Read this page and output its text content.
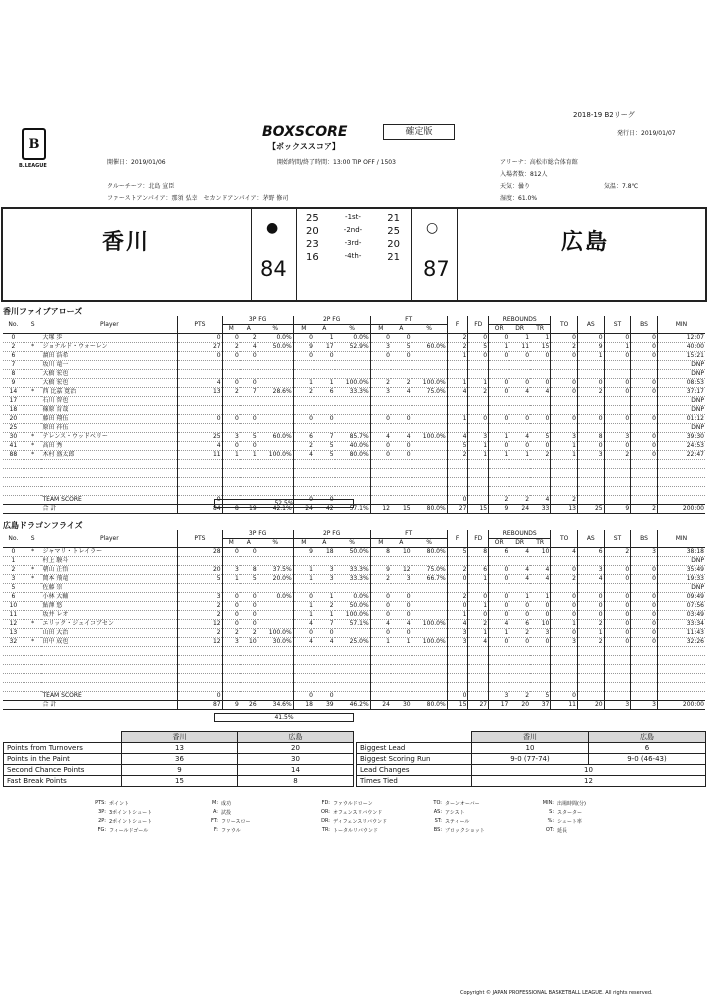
2018-19 B2リーグ
B
B.LEAGUE
BOXSCORE
【ボックススコア】
確定版	発行日：2019/01/07
開催日：2019/01/06	開始時間/終了時間：13:00 TIP OFF / 1503	アリーナ：高松市総合体育館
入場者数：812人
クルーチーフ：北島 宣臣	天気：曇り	気温：7.8℃
ファーストアンパイア：那須 弘幸　セカンドアンパイア：茅野 修司	湿度：61.0%
香川	広島
●	○
84	87
25	-1st-	21
20	-2nd-	25
23	-3rd-	20
16	-4th-	21
香川ファイブアローズ
No.	S	Player	PTS	3P FG			2P FG			FT			F	FD	REBOUNDS			TO	AS	ST	BS	MIN
				M	A	%	M	A	%	M	A	%			OR	DR	TR					
0		大塚 歩	0	0	2	0.0%	0	1	0.0%	0	0		2	0	0	1	1	0	0	0	0	12:07
2	*	ジョナルド・ウォーレン	27	2	4	50.0%	9	17	52.9%	3	5	60.0%	2	5	1	11	15	2	9	1	0	40:00
6		濵田 浩希	0	0	0		0	0		0	0		1	0	0	0	0	0	1	0	0	15:21
7		坂川 竜一																				DNP
8		大橋 宏也																				DNP
9		大橋 宏也	4	0	0		1	1	100.0%	2	2	100.0%	1	1	0	0	0	0	0	0	0	08:53
14	*	西 比嘉 寛治	13	2	7	28.6%	2	6	33.3%	3	4	75.0%	4	2	0	4	4	0	2	0	0	37:17
17		石川 智也																				DNP
18		篠原 育哉																				DNP
20		藤田 翔伍	0	0	0		0	0		0	0		1	0	0	0	0	0	0	0	0	01:12
25		原田 祥伍																				DNP
30	*	テレンス・ウッドベリー	25	3	5	60.0%	6	7	85.7%	4	4	100.0%	4	3	1	4	5	3	8	3	0	39:30
41	*	高田 秀	4	0	0		2	5	40.0%	0	0		5	1	0	0	0	1	0	0	0	24:53
88	*	木村 盛太郎	11	1	1	100.0%	4	5	80.0%	0	0		2	1	1	1	2	1	3	2	0	22:47

		TEAM SCORE	0				0	0					0		2	2	4	2				
		合 計	84	8	19	42.1%	24	42	57.1%	12	15	80.0%	27	15	9	24	33	13	25	9	2	200:00
52.5%
広島ドラゴンフライズ
No.	S	Player	PTS	3P FG			2P FG			FT			F	FD	REBOUNDS			TO	AS	ST	BS	MIN
				M	A	%	M	A	%	M	A	%			OR	DR	TR					
0	*	ジャマリ・トレイラー	28	0	0		9	18	50.0%	8	10	80.0%	5	8	6	4	10	4	6	2	3	38:18
1		村上 駿斗																				DNP
2	*	朝山 正悟	20	3	8	37.5%	1	3	33.3%	9	12	75.0%	2	6	0	4	4	0	3	0	0	35:49
3	*	岡本 飛竜	5	1	5	20.0%	1	3	33.3%	2	3	66.7%	0	1	0	4	4	2	4	0	0	19:33
5		佐藤 崇																				DNP
6		小林 大輔	3	0	0	0.0%	0	1	0.0%	0	0		2	0	0	1	1	0	0	0	0	09:49
10		鮎澤 悠	2	0	0		1	2	50.0%	0	0		0	1	0	0	0	0	0	0	0	07:56
11		坂井 レオ	2	0	0		1	1	100.0%	0	0		1	0	0	0	0	0	0	0	0	03:49
12	*	エリック・ジェイコブセン	12	0	0		4	7	57.1%	4	4	100.0%	4	2	4	6	10	1	2	0	0	33:34
13		山田 大治	2	2	2	100.0%	0	0		0	0		3	1	1	2	3	0	1	0	0	11:43
32	*	田中 成也	12	3	10	30.0%	4	4	25.0%	1	1	100.0%	3	4	0	0	0	3	2	0	0	32:26

		TEAM SCORE	0				0	0					0		3	2	5	0				
		合 計	87	9	26	34.6%	18	39	46.2%	24	30	80.0%	15	27	17	20	37	11	20	3	3	200:00
41.5%
	香川	広島
Points from Turnovers	13	20
Points in the Paint	36	30
Second Chance Points	9	14
Fast Break Points	15	8
	香川	広島
Biggest Lead	10	6
Biggest Scoring Run	9-0 (77-74)	9-0 (46-43)
Lead Changes	10	
Times Tied	12	
PTS: ポイント	M: 成功	FD: ファウルドローン	TO: ターンオーバー	MIN: 出場時間(分)
3P: 3ポイントシュート	A: 試投	OR: オフェンスリバウンド	AS: アシスト	S: スターター
2P: 2ポイントシュート	FT: フリースロー	DR: ディフェンスリバウンド	ST: スティール	%: シュート率
FG: フィールドゴール	F: ファウル	TR: トータルリバウンド	BS: ブロックショット	OT: 延長
Copyright © JAPAN PROFESSIONAL BASKETBALL LEAGUE. All rights reserved.
